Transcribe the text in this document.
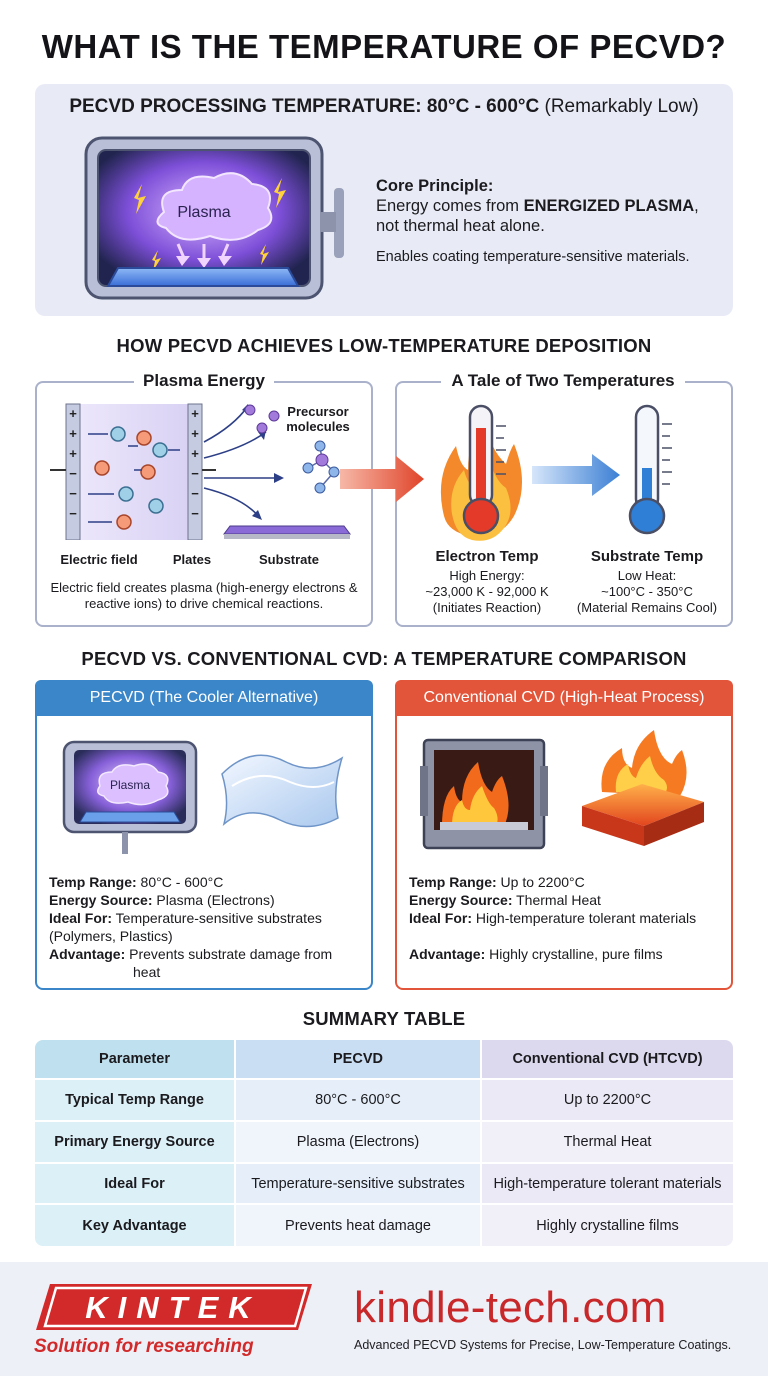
WHAT IS THE TEMPERATURE OF PECVD?
PECVD PROCESSING TEMPERATURE: 80°C - 600°C (Remarkably Low)
Plasma
Core Principle:
Energy comes from ENERGIZED PLASMA,
not thermal heat alone.
Enables coating temperature-sensitive materials.
HOW PECVD ACHIEVES LOW-TEMPERATURE DEPOSITION
Plasma Energy
+
+
+
−
−
−
+
+
+
−
−
−
Precursor molecules
Electric field	Plates	Substrate
Electric field creates plasma (high-energy electrons & reactive ions) to drive chemical reactions.
A Tale of Two Temperatures
Electron Temp
High Energy:
~23,000 K - 92,000 K
(Initiates Reaction)
Substrate Temp
Low Heat:
~100°C - 350°C
(Material Remains Cool)
PECVD VS. CONVENTIONAL CVD: A TEMPERATURE COMPARISON
PECVD (The Cooler Alternative)
Plasma
Temp Range: 80°C - 600°C
Energy Source: Plasma (Electrons)
Ideal For: Temperature-sensitive substrates
(Polymers, Plastics)
Advantage: Prevents substrate damage from
heat
Conventional CVD (High-Heat Process)
Temp Range: Up to 2200°C
Energy Source: Thermal Heat
Ideal For: High-temperature tolerant materials
Advantage: Highly crystalline, pure films
SUMMARY TABLE
Parameter	PECVD	Conventional CVD (HTCVD)
Typical Temp Range	80°C - 600°C	Up to 2200°C
Primary Energy Source	Plasma (Electrons)	Thermal Heat
Ideal For	Temperature-sensitive substrates	High-temperature tolerant materials
Key Advantage	Prevents heat damage	Highly crystalline films
KINTEK
Solution for researching
kindle-tech.com
Advanced PECVD Systems for Precise, Low-Temperature Coatings.
